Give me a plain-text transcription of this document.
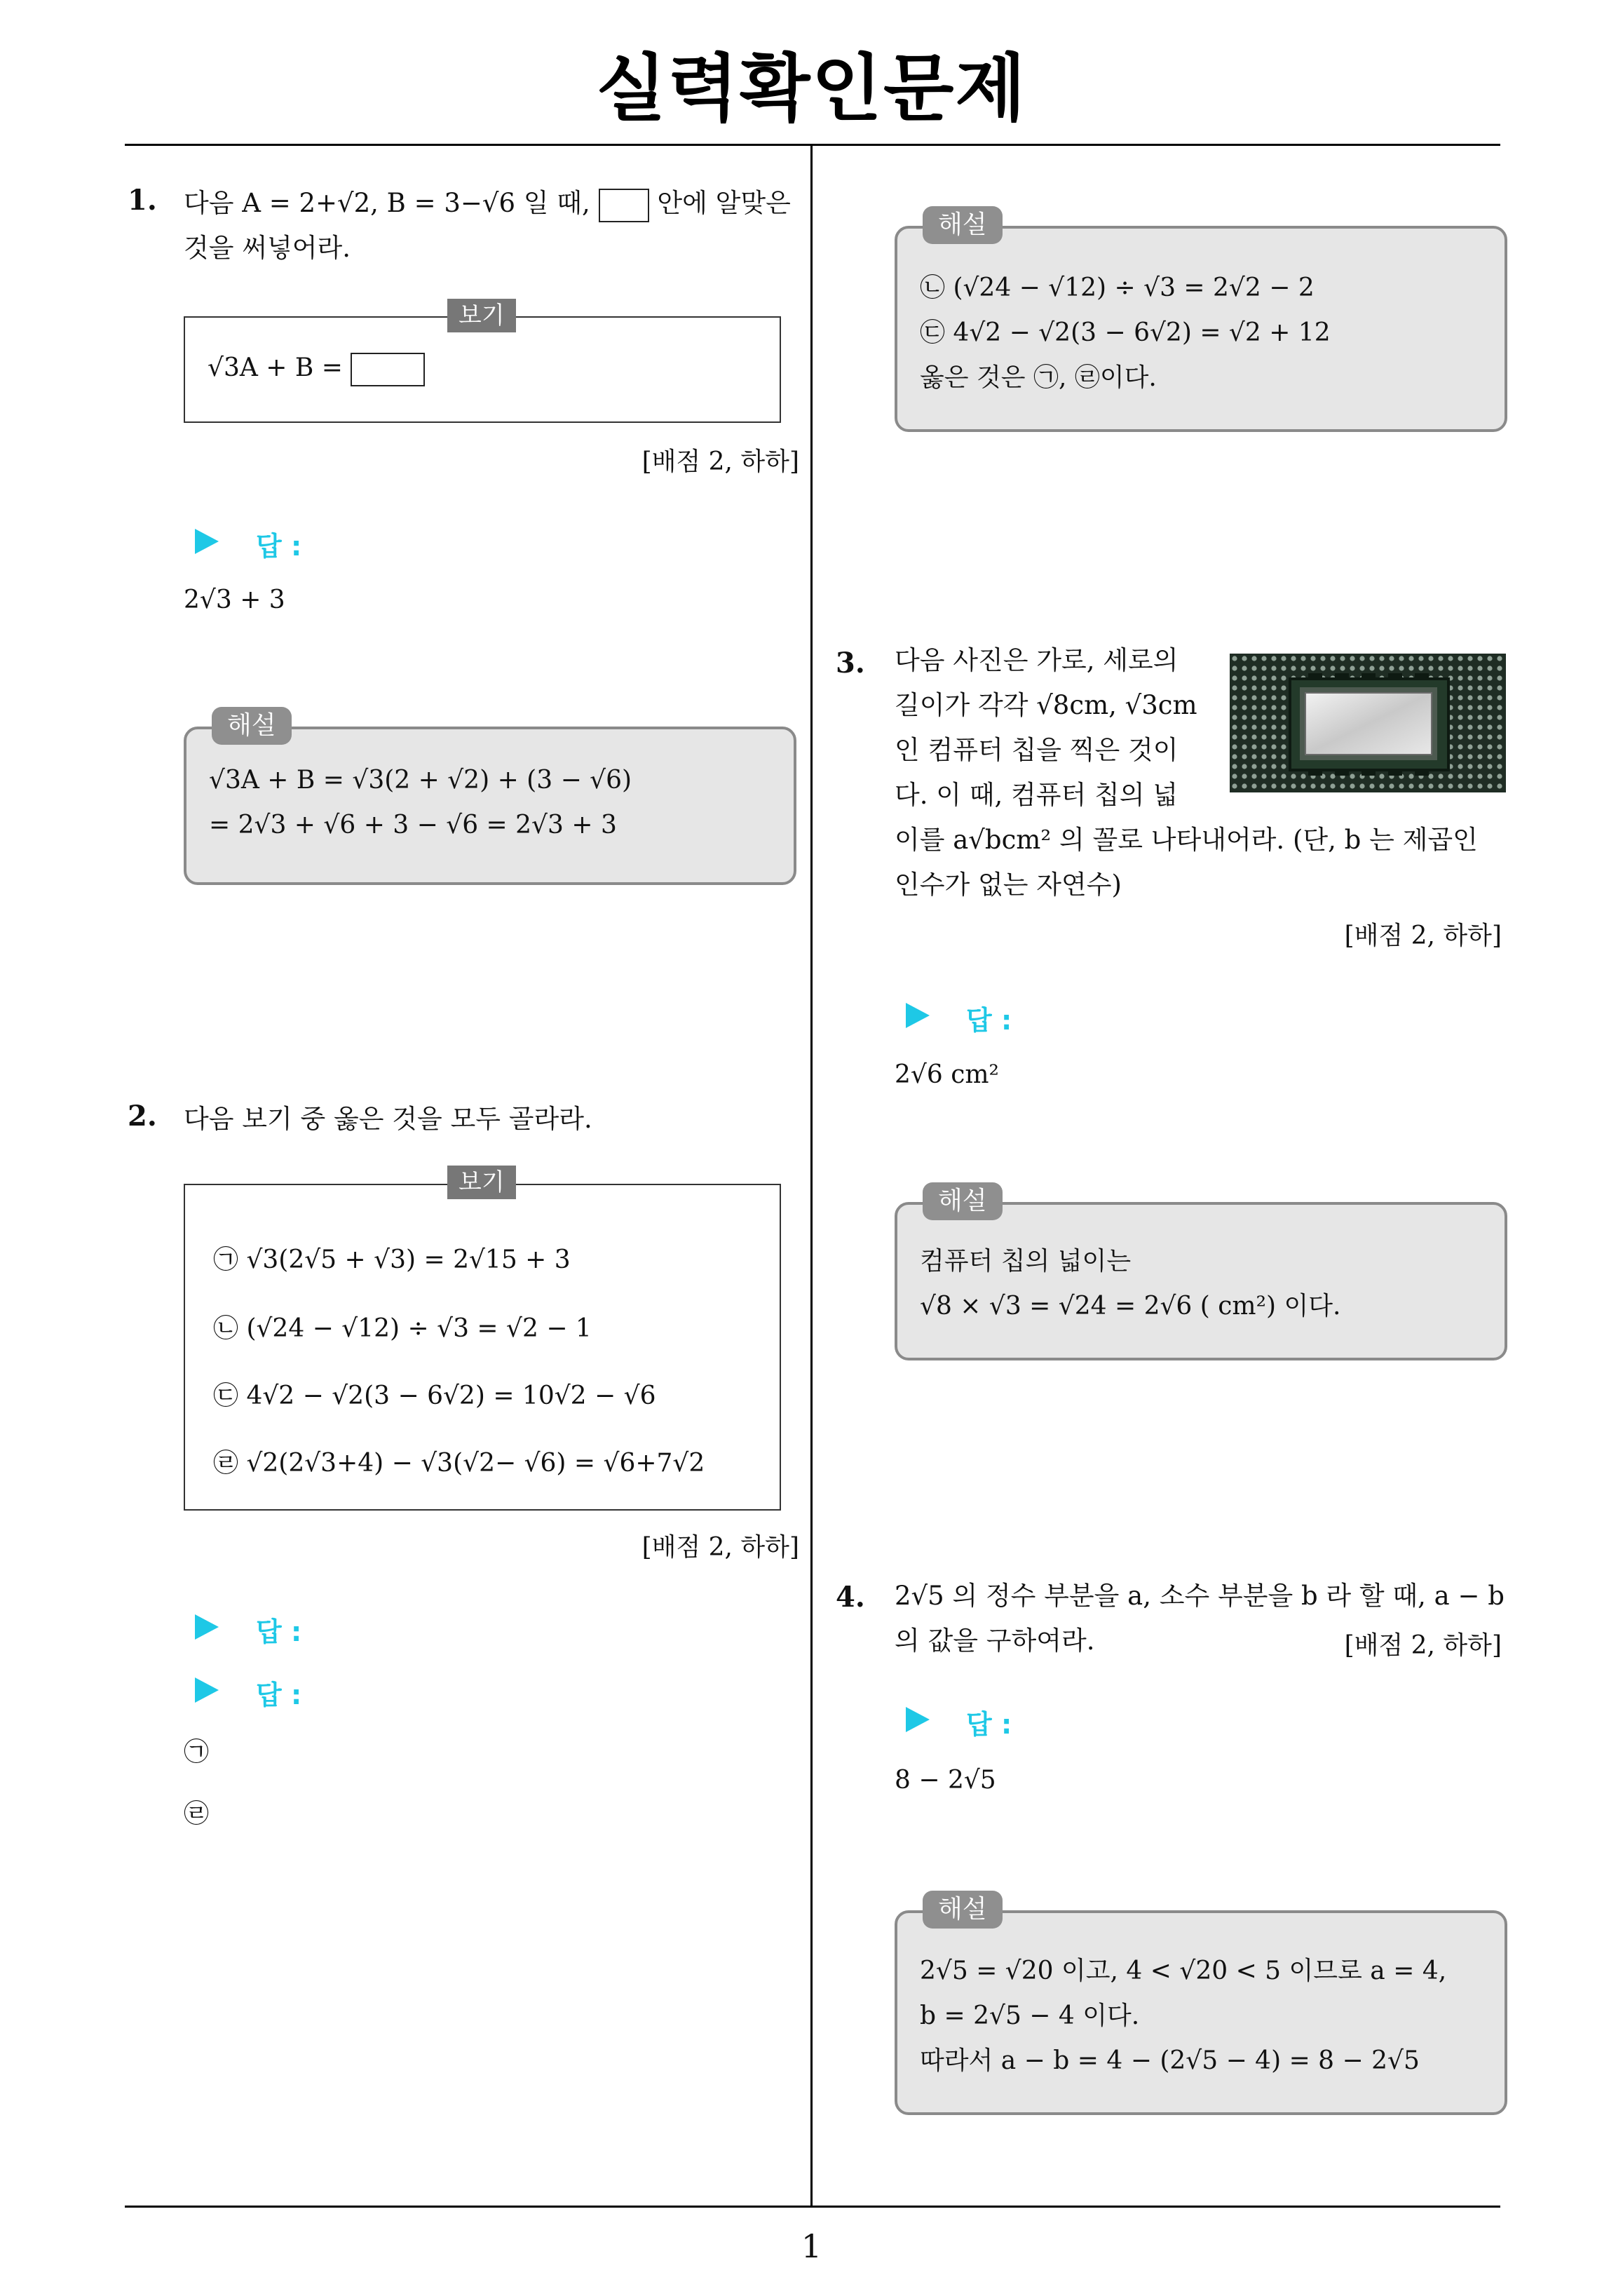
실력확인문제
1
1. 다음 A = 2+√2, B = 3−√6 일 때,	안에 알맞은
것을 써넣어라.
√3A + B =
보기
[배점 2, 하하]
답 :
2√3 + 3
√3A + B = √3(2 + √2) + (3 − √6)
= 2√3 + √6 + 3 − √6 = 2√3 + 3
해설
2. 다음 보기 중 옳은 것을 모두 골라라.
㉠ √3(2√5 + √3) = 2√15 + 3
㉡ (√24 − √12) ÷ √3 = √2 − 1
㉢ 4√2 − √2(3 − 6√2) = 10√2 − √6
㉣ √2(2√3+4) − √3(√2− √6) = √6+7√2
보기
[배점 2, 하하]
답 :
답 :
㉠
㉣
㉡ (√24 − √12) ÷ √3 = 2√2 − 2
㉢ 4√2 − √2(3 − 6√2) = √2 + 12
옳은 것은 ㉠, ㉣이다.
해설
3. 다음 사진은 가로, 세로의
길이가 각각 √8cm, √3cm
인 컴퓨터 칩을 찍은 것이
다. 이 때, 컴퓨터 칩의 넓
이를 a√bcm² 의 꼴로 나타내어라. (단, b 는 제곱인
인수가 없는 자연수)
[배점 2, 하하]
답 :
2√6 cm²
컴퓨터 칩의 넓이는
√8 × √3 = √24 = 2√6 ( cm²) 이다.
해설
4. 2√5 의 정수 부분을 a, 소수 부분을 b 라 할 때, a − b
의 값을 구하여라.	[배점 2, 하하]
답 :
8 − 2√5
2√5 = √20 이고, 4 < √20 < 5 이므로 a = 4,
b = 2√5 − 4 이다.
따라서 a − b = 4 − (2√5 − 4) = 8 − 2√5
해설
